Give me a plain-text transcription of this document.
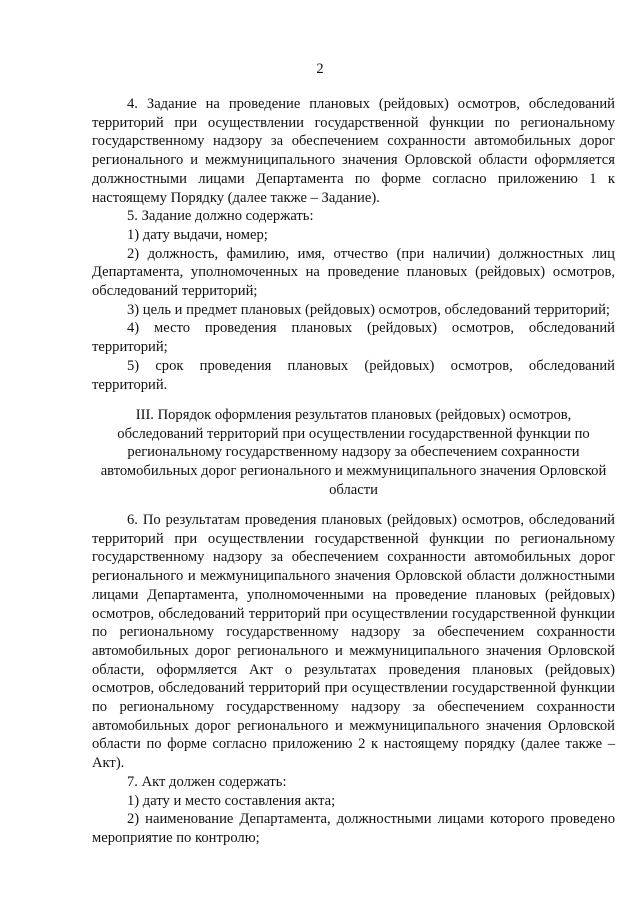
2

4. Задание на проведение плановых (рейдовых) осмотров, обследований территорий при осуществлении государственной функции по региональному государственному надзору за обеспечением сохранности автомобильных дорог регионального и межмуниципального значения Орловской области оформляется должностными лицами Департамента по форме согласно приложению 1 к настоящему Порядку (далее также – Задание).

5. Задание должно содержать:

1) дату выдачи, номер;

2) должность, фамилию, имя, отчество (при наличии) должностных лиц Департамента, уполномоченных на проведение плановых (рейдовых) осмотров, обследований территорий;

3) цель и предмет плановых (рейдовых) осмотров, обследований территорий;

4) место проведения плановых (рейдовых) осмотров, обследований территорий;

5) срок проведения плановых (рейдовых) осмотров, обследований территорий.

III. Порядок оформления результатов плановых (рейдовых) осмотров, обследований территорий при осуществлении государственной функции по региональному государственному надзору за обеспечением сохранности автомобильных дорог регионального и межмуниципального значения Орловской области

6. По результатам проведения плановых (рейдовых) осмотров, обследований территорий при осуществлении государственной функции по региональному государственному надзору за обеспечением сохранности автомобильных дорог регионального и межмуниципального значения Орловской области должностными лицами Департамента, уполномоченными на проведение плановых (рейдовых) осмотров, обследований территорий при осуществлении государственной функции по региональному государственному надзору за обеспечением сохранности автомобильных дорог регионального и межмуниципального значения Орловской области, оформляется Акт о результатах проведения плановых (рейдовых) осмотров, обследований территорий при осуществлении государственной функции по региональному государственному надзору за обеспечением сохранности автомобильных дорог регионального и межмуниципального значения Орловской области по форме согласно приложению 2 к настоящему порядку (далее также – Акт).

7. Акт должен содержать:

1) дату и место составления акта;

2) наименование Департамента, должностными лицами которого проведено мероприятие по контролю;
